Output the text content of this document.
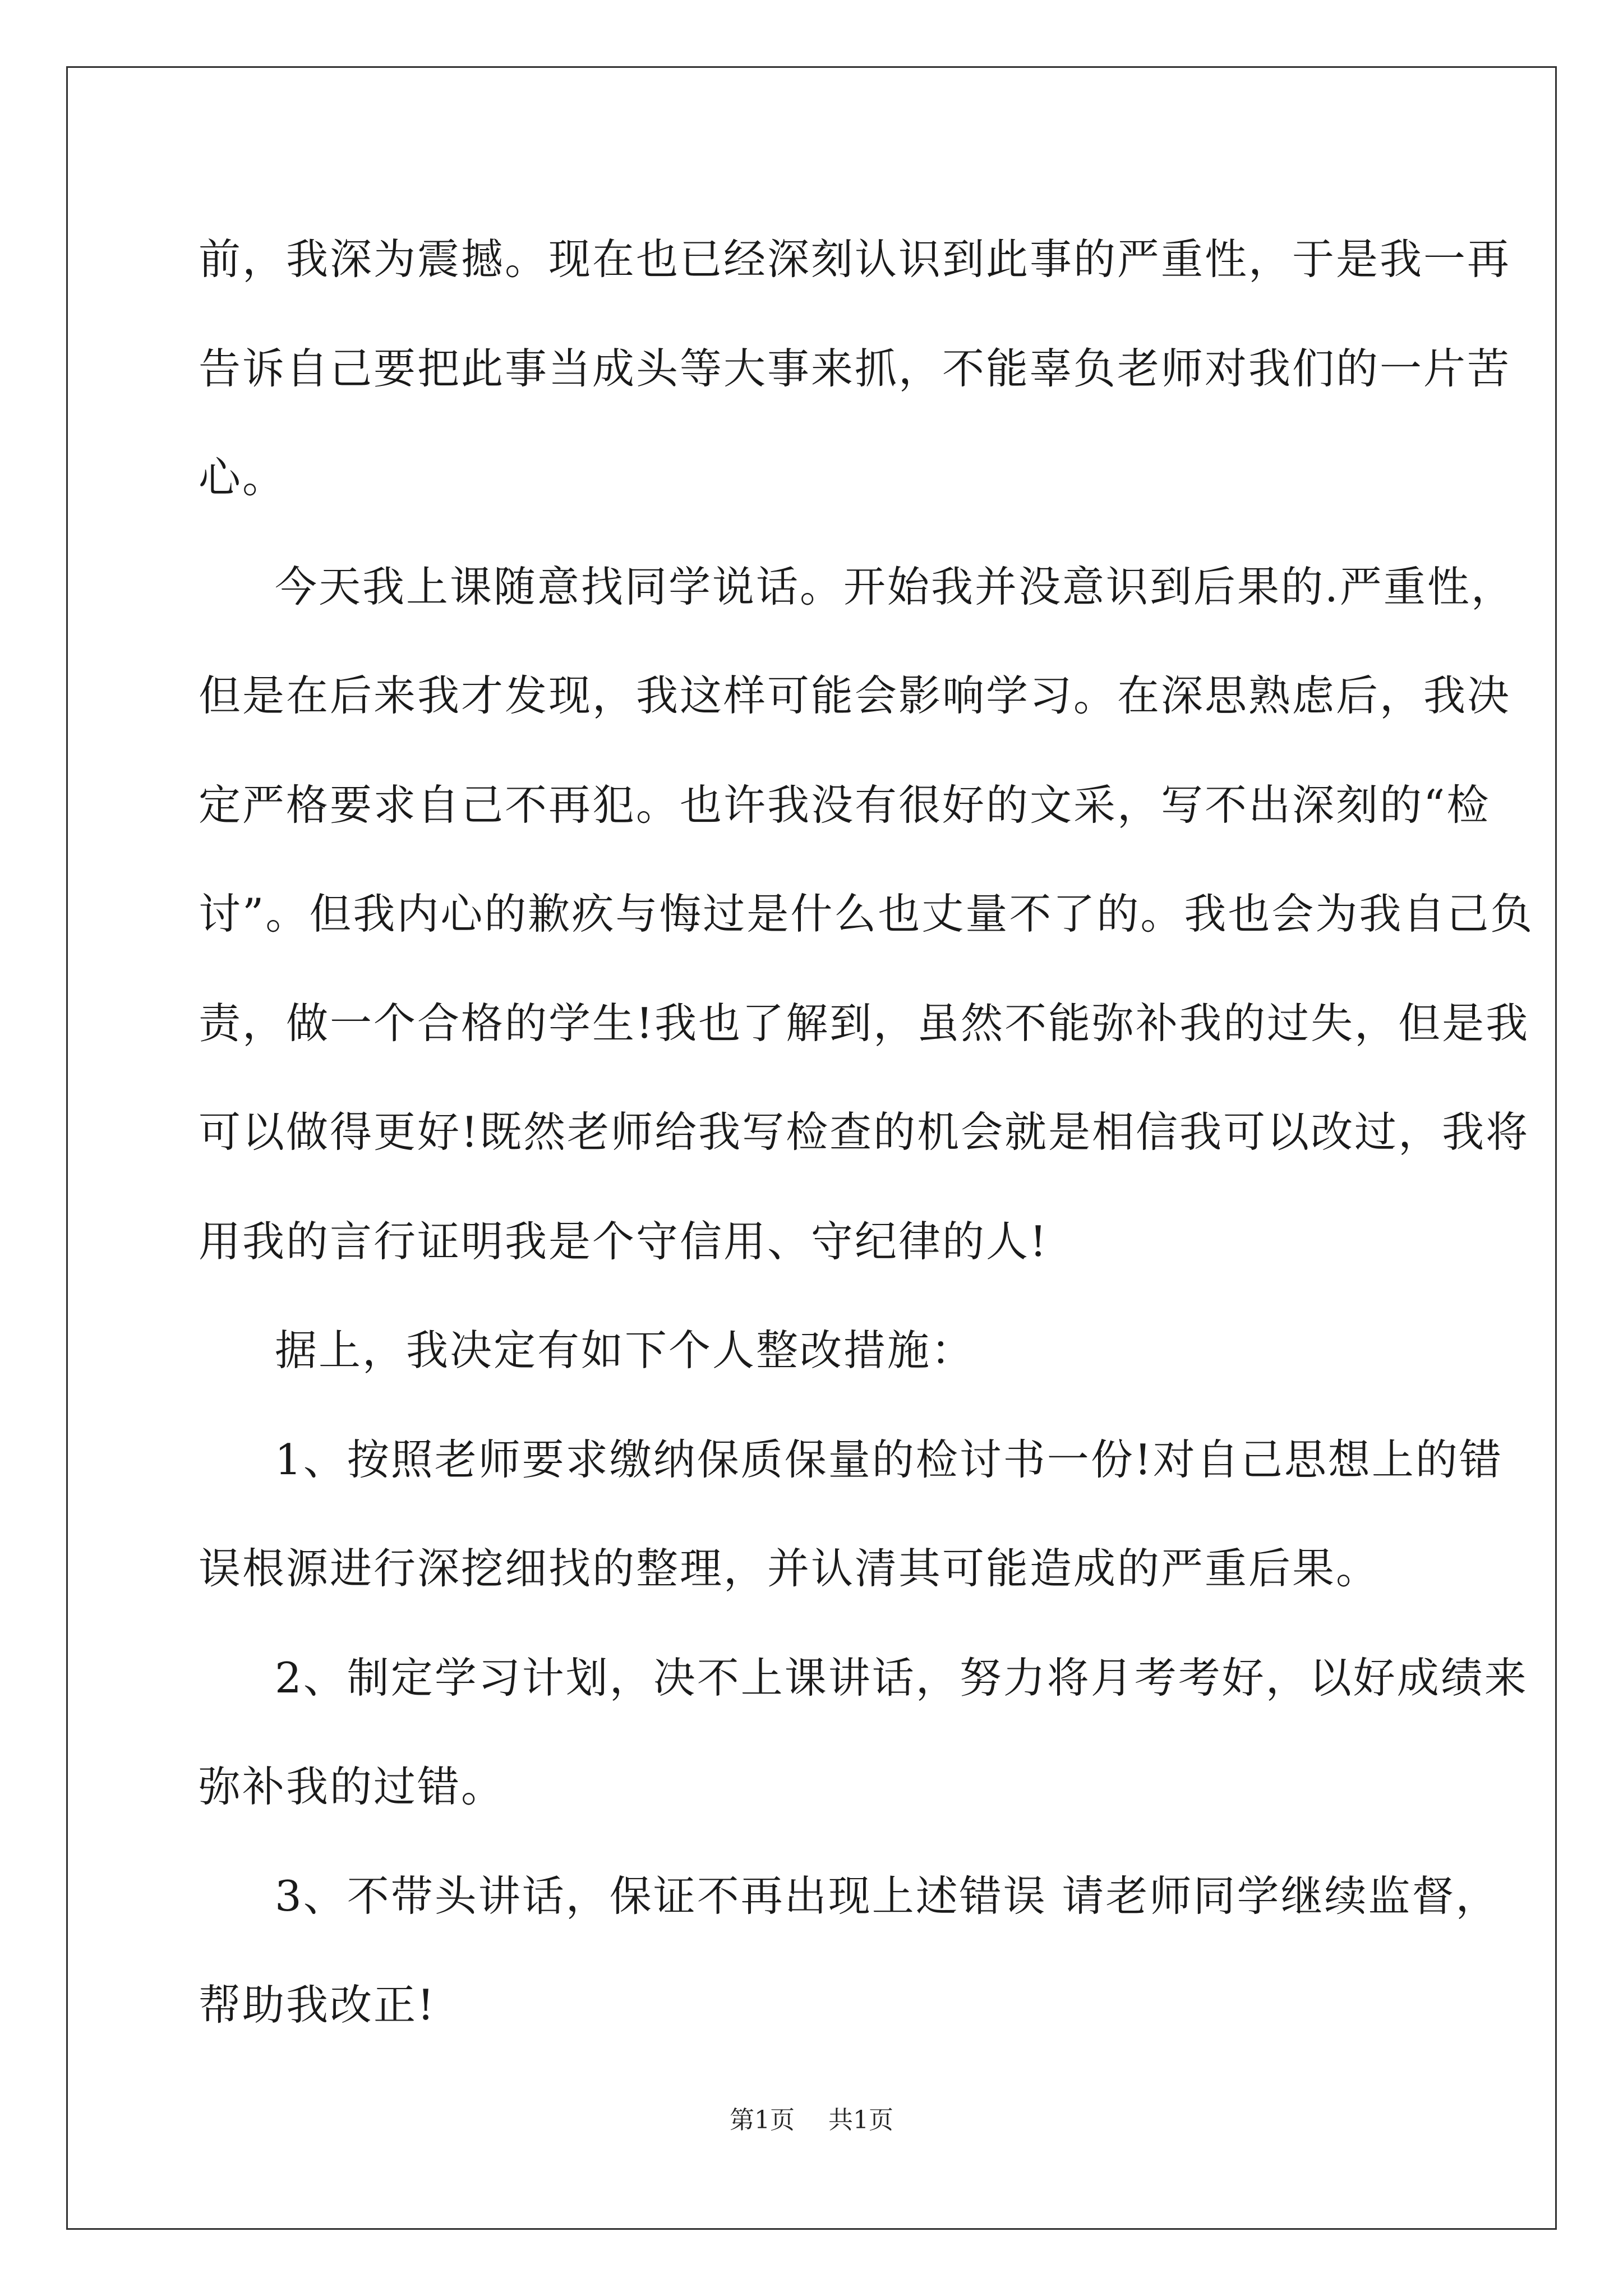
前，我深为震撼。现在也已经深刻认识到此事的严重性，于是我一再
告诉自己要把此事当成头等大事来抓，不能辜负老师对我们的一片苦
心。
今天我上课随意找同学说话。开始我并没意识到后果的.严重性，
但是在后来我才发现，我这样可能会影响学习。在深思熟虑后，我决
定严格要求自己不再犯。也许我没有很好的文采，写不出深刻的“检
讨”。但我内心的歉疚与悔过是什么也丈量不了的。我也会为我自己负
责，做一个合格的学生!我也了解到，虽然不能弥补我的过失，但是我
可以做得更好!既然老师给我写检查的机会就是相信我可以改过，我将
用我的言行证明我是个守信用、守纪律的人!
据上，我决定有如下个人整改措施：
1、按照老师要求缴纳保质保量的检讨书一份!对自己思想上的错
误根源进行深挖细找的整理，并认清其可能造成的严重后果。
2、制定学习计划，决不上课讲话，努力将月考考好，以好成绩来
弥补我的过错。
3、不带头讲话，保证不再出现上述错误 请老师同学继续监督，
帮助我改正!
第1页 共1页
